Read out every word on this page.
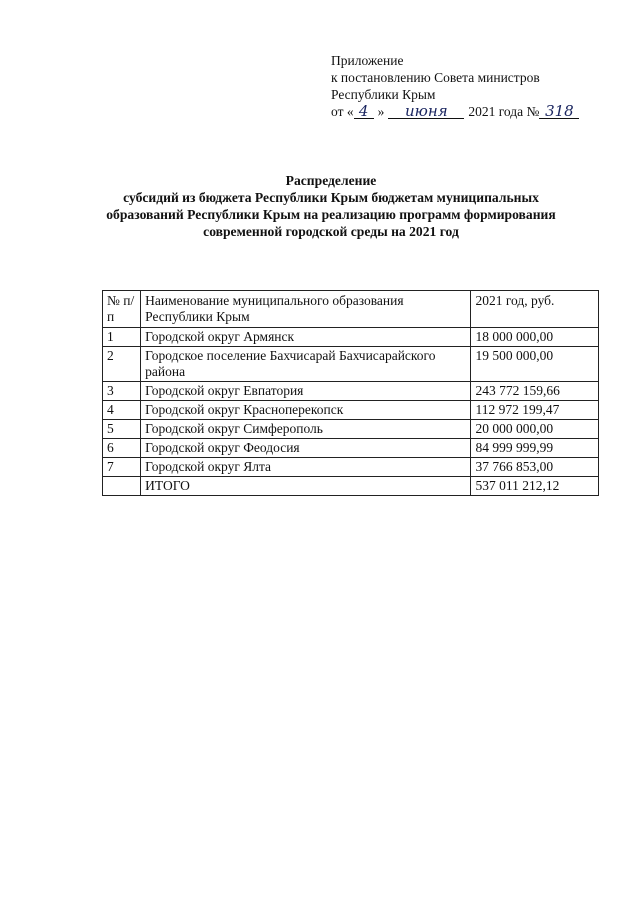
Приложение
к постановлению Совета министров
Республики Крым
от « 4 » июня 2021 года № 318
Распределение
субсидий из бюджета Республики Крым бюджетам муниципальных
образований Республики Крым на реализацию программ формирования
современной городской среды на 2021 год
№ п/п	Наименование муниципального образования Республики Крым	2021 год, руб.
1	Городской округ Армянск	18 000 000,00
2	Городское поселение Бахчисарай Бахчисарайского района	19 500 000,00
3	Городской округ Евпатория	243 772 159,66
4	Городской округ Красноперекопск	112 972 199,47
5	Городской округ Симферополь	20 000 000,00
6	Городской округ Феодосия	84 999 999,99
7	Городской округ Ялта	37 766 853,00
	ИТОГО	537 011 212,12
